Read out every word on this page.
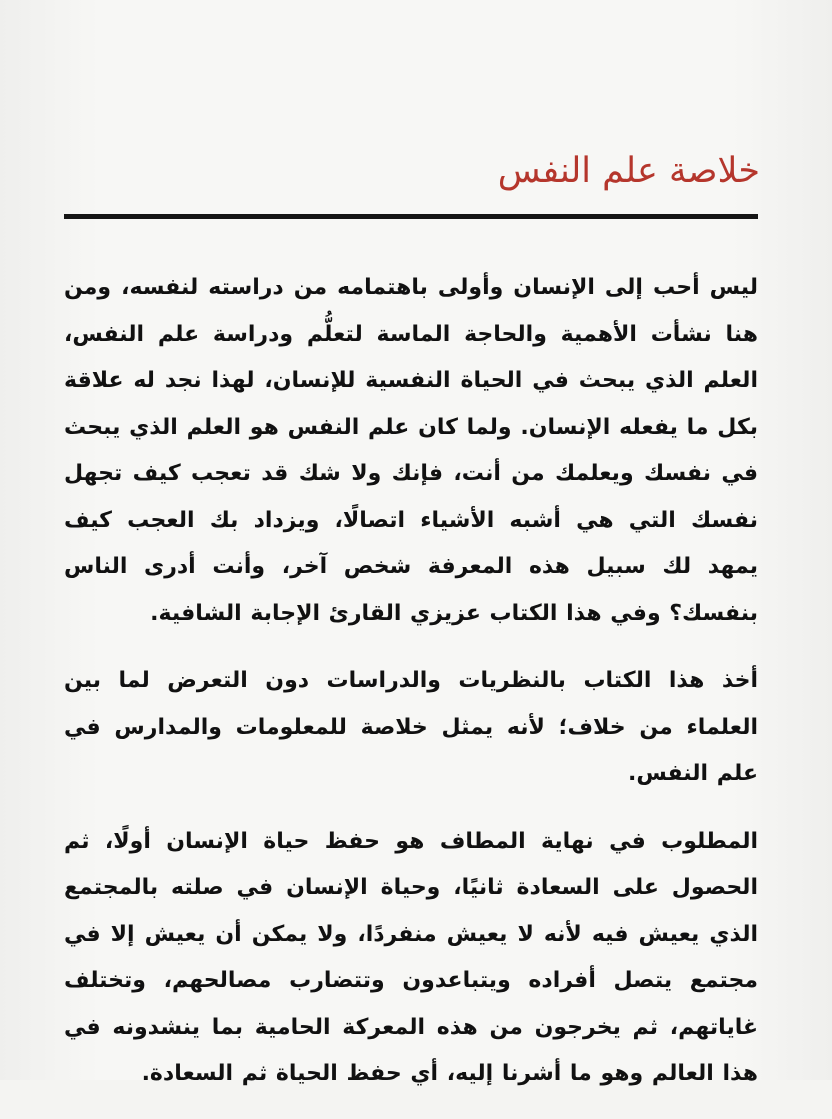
خلاصة علم النفس

ليس أحب إلى الإنسان وأولى باهتمامه من دراسته لنفسه، ومن هنا نشأت الأهمية والحاجة الماسة لتعلُّم ودراسة علم النفس، العلم الذي يبحث في الحياة النفسية للإنسان، لهذا نجد له علاقة بكل ما يفعله الإنسان. ولما كان علم النفس هو العلم الذي يبحث في نفسك ويعلمك من أنت، فإنك ولا شك قد تعجب كيف تجهل نفسك التي هي أشبه الأشياء اتصالًا، ويزداد بك العجب كيف يمهد لك سبيل هذه المعرفة شخص آخر، وأنت أدرى الناس بنفسك؟ وفي هذا الكتاب عزيزي القارئ الإجابة الشافية.

أخذ هذا الكتاب بالنظريات والدراسات دون التعرض لما بين العلماء من خلاف؛ لأنه يمثل خلاصة للمعلومات والمدارس في علم النفس.

المطلوب في نهاية المطاف هو حفظ حياة الإنسان أولًا، ثم الحصول على السعادة ثانيًا، وحياة الإنسان في صلته بالمجتمع الذي يعيش فيه لأنه لا يعيش منفردًا، ولا يمكن أن يعيش إلا في مجتمع يتصل أفراده ويتباعدون وتتضارب مصالحهم، وتختلف غاياتهم، ثم يخرجون من هذه المعركة الحامية بما ينشدونه في هذا العالم وهو ما أشرنا إليه، أي حفظ الحياة ثم السعادة.
